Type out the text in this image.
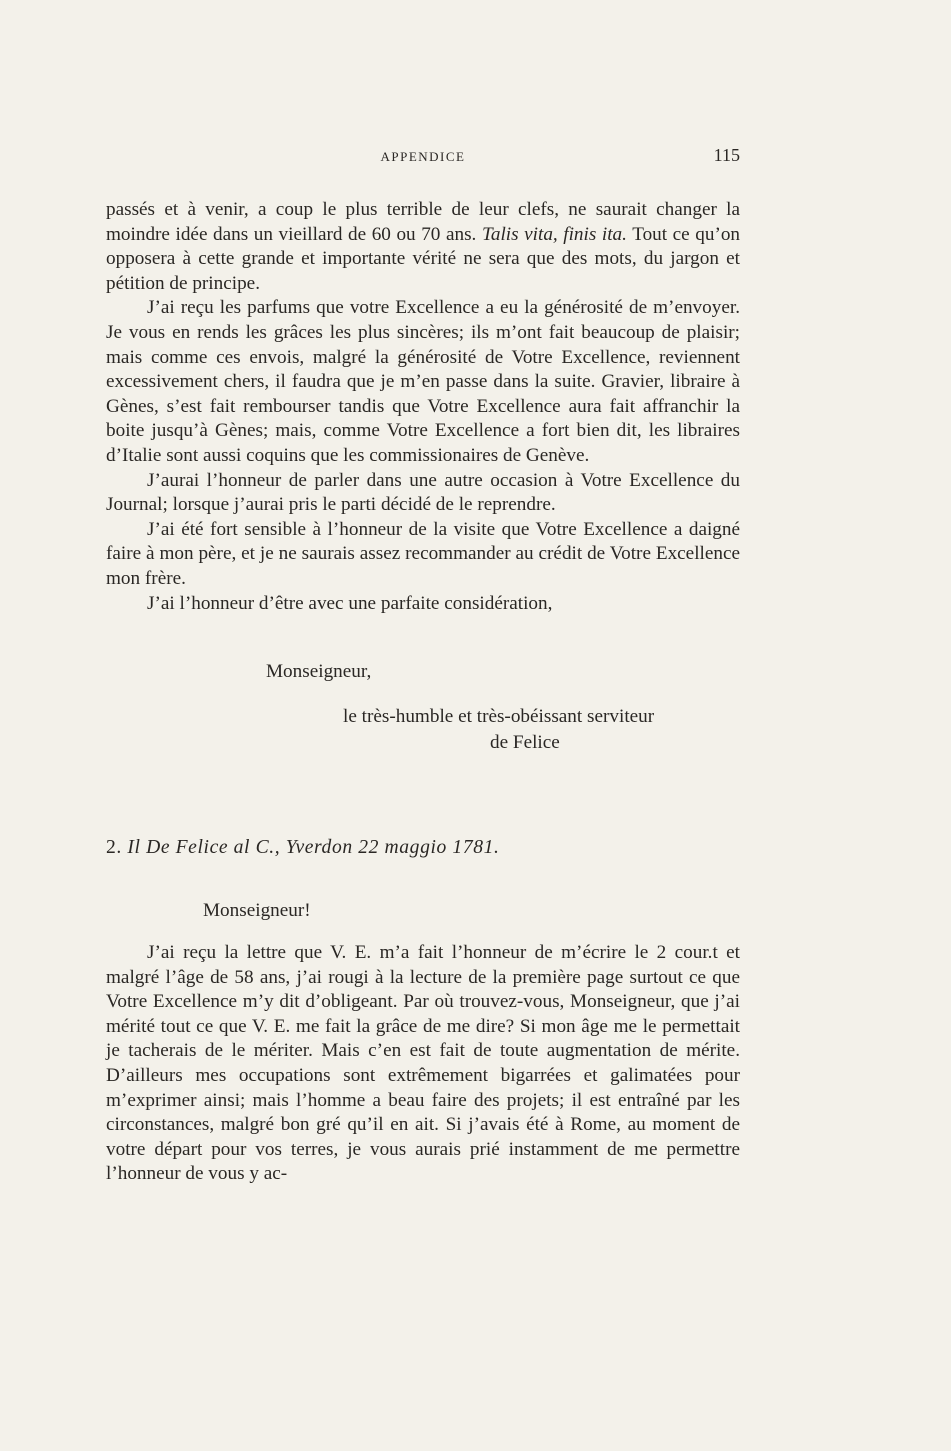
APPENDICE	115

passés et à venir, a coup le plus terrible de leur clefs, ne saurait changer la moindre idée dans un vieillard de 60 ou 70 ans. Talis vita, finis ita. Tout ce qu’on opposera à cette grande et importante vérité ne sera que des mots, du jargon et pétition de principe.

J’ai reçu les parfums que votre Excellence a eu la générosité de m’envoyer. Je vous en rends les grâces les plus sincères; ils m’ont fait beaucoup de plaisir; mais comme ces envois, malgré la générosité de Votre Excellence, reviennent excessivement chers, il faudra que je m’en passe dans la suite. Gravier, libraire à Gènes, s’est fait rembourser tandis que Votre Excellence aura fait affranchir la boite jusqu’à Gènes; mais, comme Votre Excellence a fort bien dit, les libraires d’Italie sont aussi coquins que les commissionaires de Genève.

J’aurai l’honneur de parler dans une autre occasion à Votre Excellence du Journal; lorsque j’aurai pris le parti décidé de le reprendre.

J’ai été fort sensible à l’honneur de la visite que Votre Excellence a daigné faire à mon père, et je ne saurais assez recommander au crédit de Votre Excellence mon frère.

J’ai l’honneur d’être avec une parfaite considération,

Monseigneur,
le très-humble et très-obéissant serviteur
de Felice
2. Il De Felice al C., Yverdon 22 maggio 1781.
Monseigneur!

J’ai reçu la lettre que V. E. m’a fait l’honneur de m’écrire le 2 cour.t et malgré l’âge de 58 ans, j’ai rougi à la lecture de la première page surtout ce que Votre Excellence m’y dit d’obligeant. Par où trouvez-vous, Monseigneur, que j’ai mérité tout ce que V. E. me fait la grâce de me dire? Si mon âge me le permettait je tacherais de le mériter. Mais c’en est fait de toute augmentation de mérite. D’ailleurs mes occupations sont extrêmement bigarrées et galimatées pour m’exprimer ainsi; mais l’homme a beau faire des projets; il est entraîné par les circonstances, malgré bon gré qu’il en ait. Si j’avais été à Rome, au moment de votre départ pour vos terres, je vous aurais prié instamment de me permettre l’honneur de vous y ac-
